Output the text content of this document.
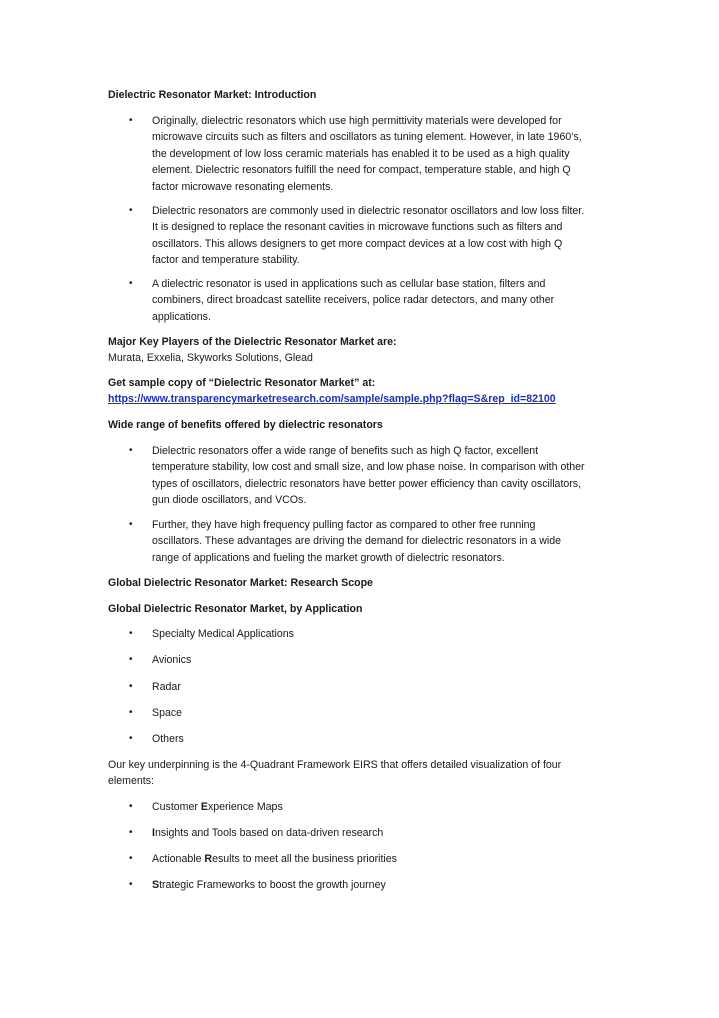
Dielectric Resonator Market: Introduction

• Originally, dielectric resonators which use high permittivity materials were developed for
microwave circuits such as filters and oscillators as tuning element. However, in late 1960’s,
the development of low loss ceramic materials has enabled it to be used as a high quality
element. Dielectric resonators fulfill the need for compact, temperature stable, and high Q
factor microwave resonating elements.

• Dielectric resonators are commonly used in dielectric resonator oscillators and low loss filter.
It is designed to replace the resonant cavities in microwave functions such as filters and
oscillators. This allows designers to get more compact devices at a low cost with high Q
factor and temperature stability.

• A dielectric resonator is used in applications such as cellular base station, filters and
combiners, direct broadcast satellite receivers, police radar detectors, and many other
applications.

Major Key Players of the Dielectric Resonator Market are:

Murata, Exxelia, Skyworks Solutions, Glead

Get sample copy of “Dielectric Resonator Market” at:

https://www.transparencymarketresearch.com/sample/sample.php?flag=S&rep_id=82100

Wide range of benefits offered by dielectric resonators

• Dielectric resonators offer a wide range of benefits such as high Q factor, excellent
temperature stability, low cost and small size, and low phase noise. In comparison with other
types of oscillators, dielectric resonators have better power efficiency than cavity oscillators,
gun diode oscillators, and VCOs.

• Further, they have high frequency pulling factor as compared to other free running
oscillators. These advantages are driving the demand for dielectric resonators in a wide
range of applications and fueling the market growth of dielectric resonators.

Global Dielectric Resonator Market: Research Scope

Global Dielectric Resonator Market, by Application

• Specialty Medical Applications

• Avionics

• Radar

• Space

• Others

Our key underpinning is the 4-Quadrant Framework EIRS that offers detailed visualization of four

elements:

• Customer Experience Maps

• Insights and Tools based on data-driven research

• Actionable Results to meet all the business priorities

• Strategic Frameworks to boost the growth journey
